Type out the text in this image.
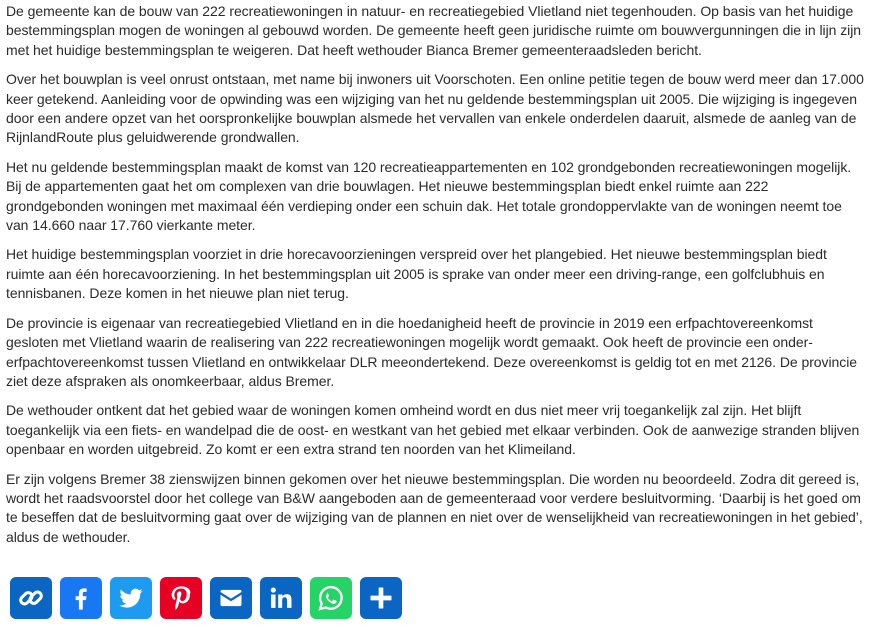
De gemeente kan de bouw van 222 recreatiewoningen in natuur- en recreatiegebied Vlietland niet tegenhouden. Op basis van het huidige bestemmingsplan mogen de woningen al gebouwd worden. De gemeente heeft geen juridische ruimte om bouwvergunningen die in lijn zijn met het huidige bestemmingsplan te weigeren. Dat heeft wethouder Bianca Bremer gemeenteraadsleden bericht.

Over het bouwplan is veel onrust ontstaan, met name bij inwoners uit Voorschoten. Een online petitie tegen de bouw werd meer dan 17.000 keer getekend. Aanleiding voor de opwinding was een wijziging van het nu geldende bestemmingsplan uit 2005. Die wijziging is ingegeven door een andere opzet van het oorspronkelijke bouwplan alsmede het vervallen van enkele onderdelen daaruit, alsmede de aanleg van de RijnlandRoute plus geluidwerende grondwallen.

Het nu geldende bestemmingsplan maakt de komst van 120 recreatieappartementen en 102 grondgebonden recreatiewoningen mogelijk. Bij de appartementen gaat het om complexen van drie bouwlagen. Het nieuwe bestemmingsplan biedt enkel ruimte aan 222 grondgebonden woningen met maximaal één verdieping onder een schuin dak. Het totale grondoppervlakte van de woningen neemt toe van 14.660 naar 17.760 vierkante meter.

Het huidige bestemmingsplan voorziet in drie horecavoorzieningen verspreid over het plangebied. Het nieuwe bestemmingsplan biedt ruimte aan één horecavoorziening. In het bestemmingsplan uit 2005 is sprake van onder meer een driving-range, een golfclubhuis en tennisbanen. Deze komen in het nieuwe plan niet terug.

De provincie is eigenaar van recreatiegebied Vlietland en in die hoedanigheid heeft de provincie in 2019 een erfpachtovereenkomst gesloten met Vlietland waarin de realisering van 222 recreatiewoningen mogelijk wordt gemaakt. Ook heeft de provincie een onder-erfpachtovereenkomst tussen Vlietland en ontwikkelaar DLR meeondertekend. Deze overeenkomst is geldig tot en met 2126. De provincie ziet deze afspraken als onomkeerbaar, aldus Bremer.

De wethouder ontkent dat het gebied waar de woningen komen omheind wordt en dus niet meer vrij toegankelijk zal zijn. Het blijft toegankelijk via een fiets- en wandelpad die de oost- en westkant van het gebied met elkaar verbinden. Ook de aanwezige stranden blijven openbaar en worden uitgebreid. Zo komt er een extra strand ten noorden van het Klimeiland.

Er zijn volgens Bremer 38 zienswijzen binnen gekomen over het nieuwe bestemmingsplan. Die worden nu beoordeeld. Zodra dit gereed is, wordt het raadsvoorstel door het college van B&W aangeboden aan de gemeenteraad voor verdere besluitvorming. ‘Daarbij is het goed om te beseffen dat de besluitvorming gaat over de wijziging van de plannen en niet over de wenselijkheid van recreatiewoningen in het gebied’, aldus de wethouder.
